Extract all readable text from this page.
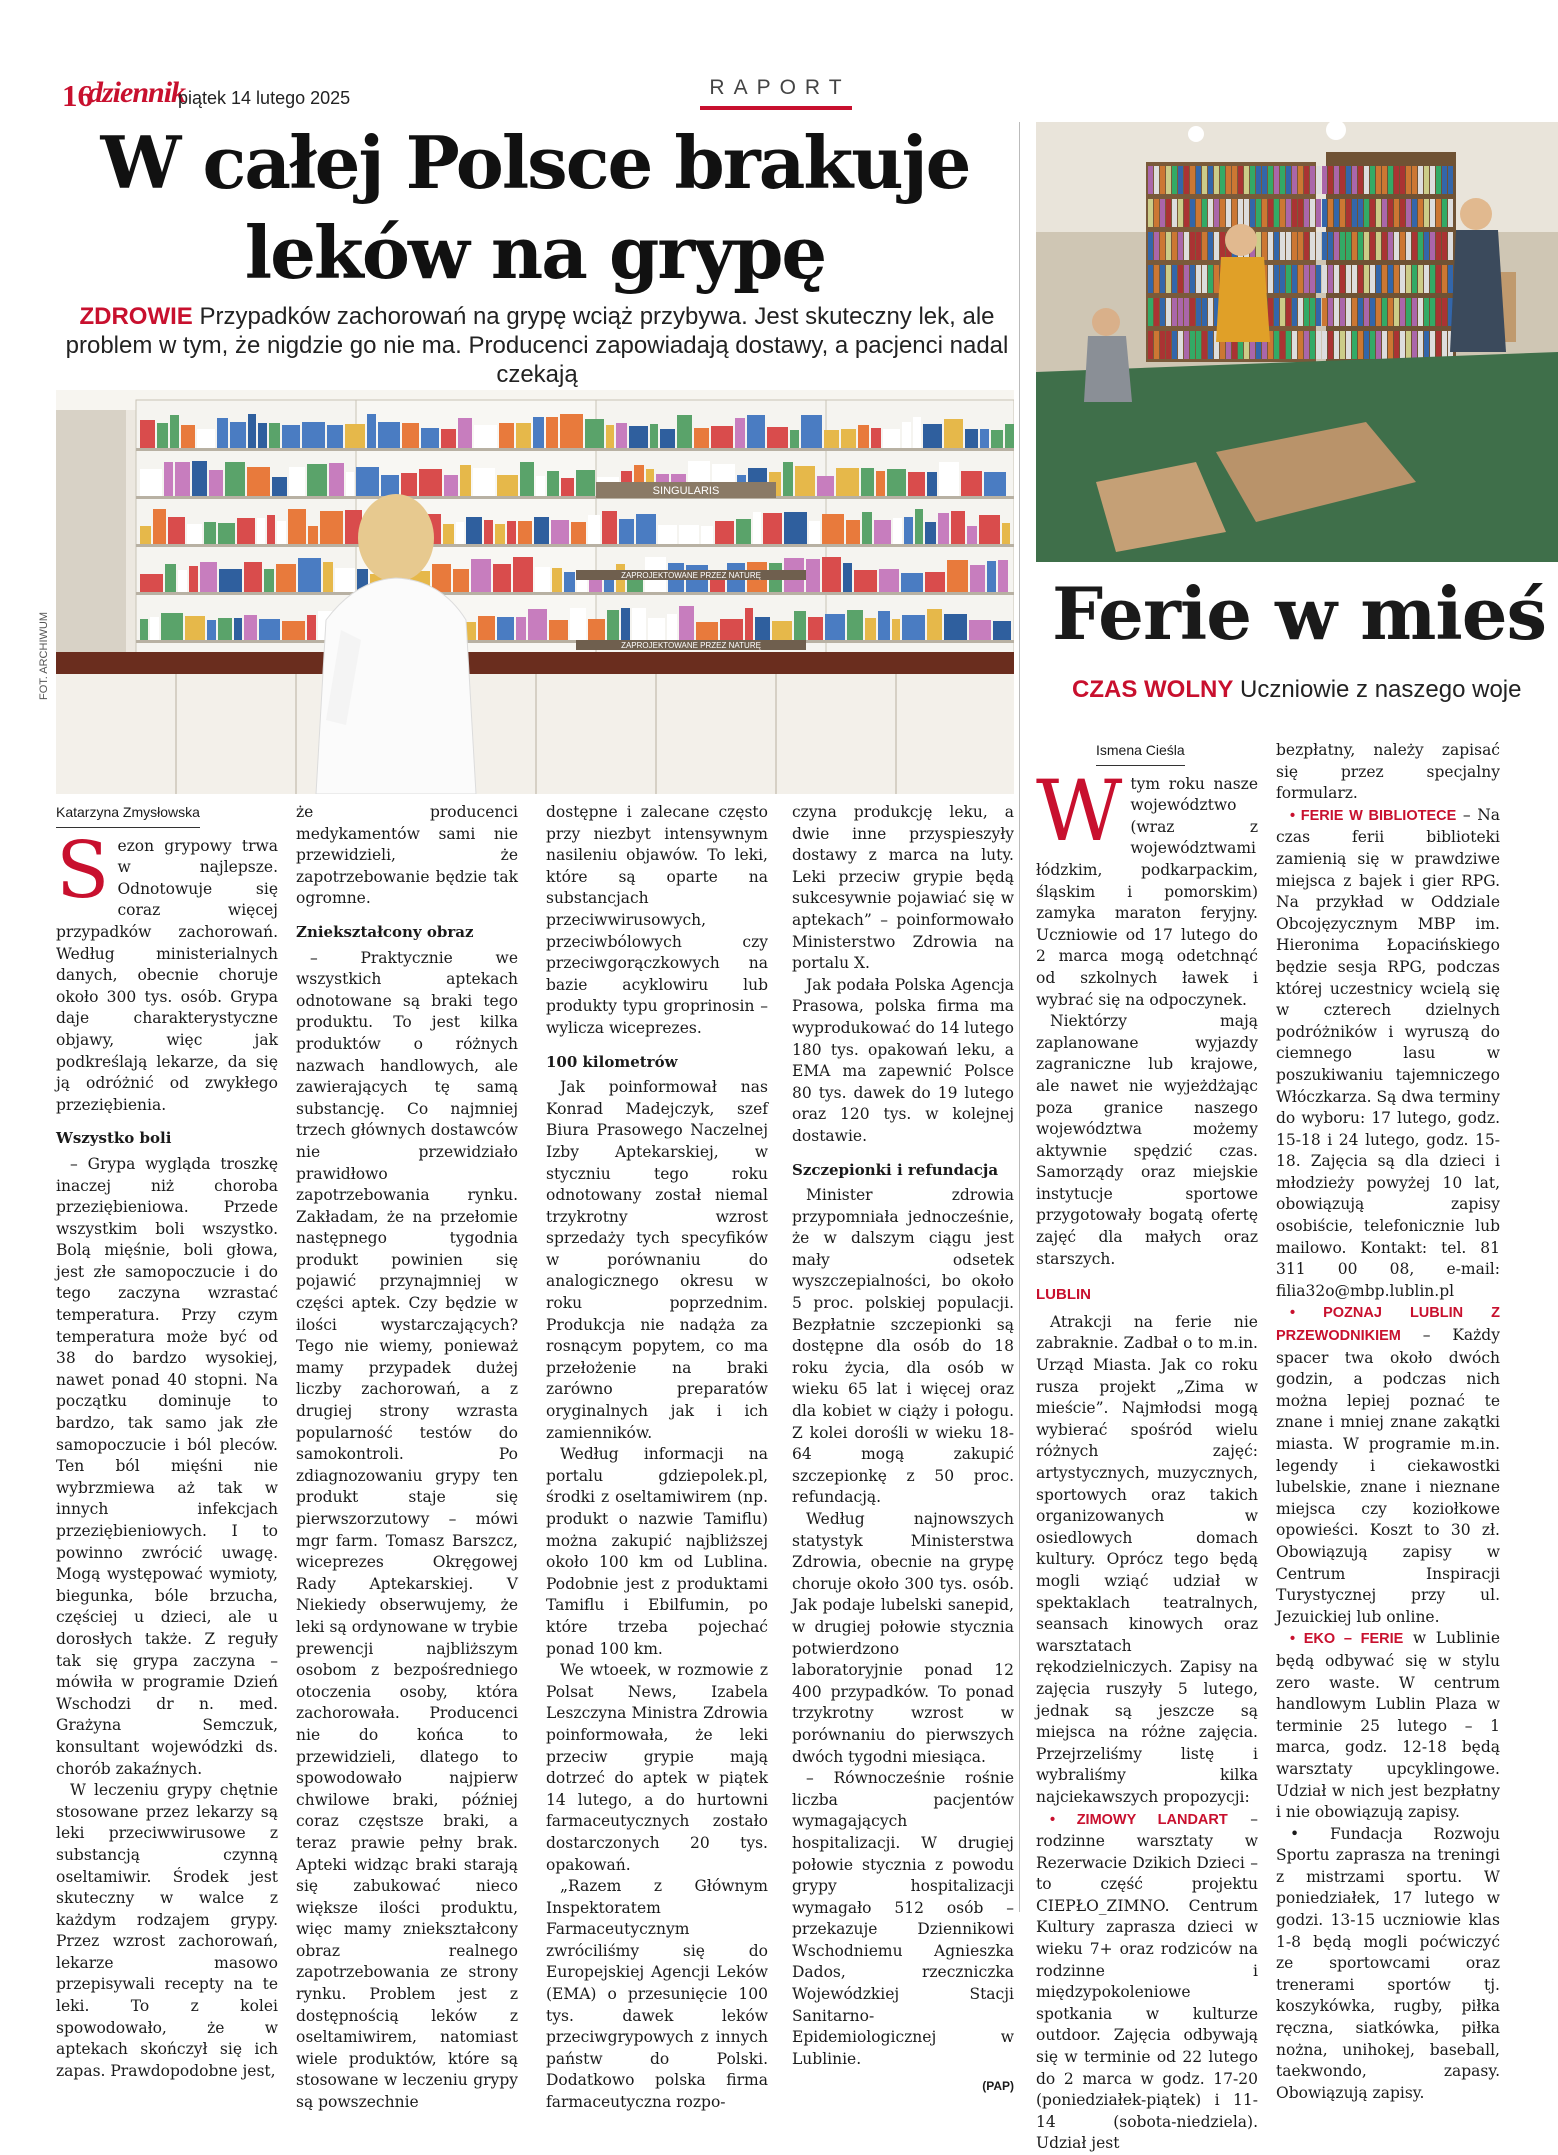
16
dziennik
piątek 14 lutego 2025	RAPORT
W całej Polsce brakuje leków na grypę
ZDROWIE Przypadków zachorowań na grypę wciąż przybywa. Jest skuteczny lek, ale problem w tym, że nigdzie go nie ma. Producenci zapowiadają dostawy, a pacjenci nadal czekają
SINGULARIS
ZAPROJEKTOWANE PRZEZ NATURĘ
ZAPROJEKTOWANE PRZEZ NATURĘ
FOT. ARCHIWUM
Katarzyna Zmysłowska

Sezon grypowy trwa w najlepsze. Odnotowuje się coraz więcej przypadków zachorowań. Według ministerialnych danych, obecnie choruje około 300 tys. osób. Grypa daje charakterystyczne objawy, więc jak podkreślają lekarze, da się ją odróżnić od zwykłego przeziębienia.

Wszystko boli

– Grypa wygląda troszkę inaczej niż choroba przeziębieniowa. Przede wszystkim boli wszystko. Bolą mięśnie, boli głowa, jest złe samopoczucie i do tego zaczyna wzrastać temperatura. Przy czym temperatura może być od 38 do bardzo wysokiej, nawet ponad 40 stopni. Na początku dominuje to bardzo, tak samo jak złe samopoczucie i ból pleców. Ten ból mięśni nie wybrzmiewa aż tak w innych infekcjach przeziębieniowych. I to powinno zwrócić uwagę. Mogą występować wymioty, biegunka, bóle brzucha, częściej u dzieci, ale u dorosłych także. Z reguły tak się grypa zaczyna – mówiła w programie Dzień Wschodzi dr n. med. Grażyna Semczuk, konsultant wojewódzki ds. chorób zakaźnych.

W leczeniu grypy chętnie stosowane przez lekarzy są leki przeciwwirusowe z substancją czynną oseltamiwir. Środek jest skuteczny w walce z każdym rodzajem grypy. Przez wzrost zachorowań, lekarze masowo przepisywali recepty na te leki. To z kolei spowodowało, że w aptekach skończył się ich zapas. Prawdopodobne jest,

że producenci medykamentów sami nie przewidzieli, że zapotrzebowanie będzie tak ogromne.

Zniekształcony obraz

– Praktycznie we wszystkich aptekach odnotowane są braki tego produktu. To jest kilka produktów o różnych nazwach handlowych, ale zawierających tę samą substancję. Co najmniej trzech głównych dostawców nie przewidziało prawidłowo zapotrzebowania rynku. Zakładam, że na przełomie następnego tygodnia produkt powinien się pojawić przynajmniej w części aptek. Czy będzie w ilości wystarczających? Tego nie wiemy, ponieważ mamy przypadek dużej liczby zachorowań, a z drugiej strony wzrasta popularność testów do samokontroli. Po zdiagnozowaniu grypy ten produkt staje się pierwszorzutowy – mówi mgr farm. Tomasz Barszcz, wiceprezes Okręgowej Rady Aptekarskiej. V Niekiedy obserwujemy, że leki są ordynowane w trybie prewencji najbliższym osobom z bezpośredniego otoczenia osoby, która zachorowała. Producenci nie do końca to przewidzieli, dlatego to spowodowało najpierw chwilowe braki, później coraz częstsze braki, a teraz prawie pełny brak. Apteki widząc braki starają się zabukować nieco większe ilości produktu, więc mamy zniekształcony obraz realnego zapotrzebowania ze strony rynku. Problem jest z dostępnością leków z oseltamiwirem, natomiast wiele produktów, które są stosowane w leczeniu grypy są powszechnie

dostępne i zalecane często przy niezbyt intensywnym nasileniu objawów. To leki, które są oparte na substancjach przeciwwirusowych, przeciwbólowych czy przeciwgorączkowych na bazie acyklowiru lub produkty typu groprinosin – wylicza wiceprezes.

100 kilometrów

Jak poinformował nas Konrad Madejczyk, szef Biura Prasowego Naczelnej Izby Aptekarskiej, w styczniu tego roku odnotowany został niemal trzykrotny wzrost sprzedaży tych specyfików w porównaniu do analogicznego okresu w roku poprzednim. Produkcja nie nadąża za rosnącym popytem, co ma przełożenie na braki zarówno preparatów oryginalnych jak i ich zamienników.

Według informacji na portalu gdziepolek.pl, środki z oseltamiwirem (np. produkt o nazwie Tamiflu) można zakupić najbliższej około 100 km od Lublina. Podobnie jest z produktami Tamiflu i Ebilfumin, po które trzeba pojechać ponad 100 km.

We wtoeek, w rozmowie z Polsat News, Izabela Leszczyna Ministra Zdrowia poinformowała, że leki przeciw grypie mają dotrzeć do aptek w piątek 14 lutego, a do hurtowni farmaceutycznych zostało dostarczonych 20 tys. opakowań.

„Razem z Głównym Inspektoratem Farmaceutycznym zwróciliśmy się do Europejskiej Agencji Leków (EMA) o przesunięcie 100 tys. dawek leków przeciwgrypowych z innych państw do Polski. Dodatkowo polska firma farmaceutyczna rozpo-

czyna produkcję leku, a dwie inne przyspieszyły dostawy z marca na luty. Leki przeciw grypie będą sukcesywnie pojawiać się w aptekach” – poinformowało Ministerstwo Zdrowia na portalu X.

Jak podała Polska Agencja Prasowa, polska firma ma wyprodukować do 14 lutego 180 tys. opakowań leku, a EMA ma zapewnić Polsce 80 tys. dawek do 19 lutego oraz 120 tys. w kolejnej dostawie.

Szczepionki i refundacja

Minister zdrowia przypomniała jednocześnie, że w dalszym ciągu jest mały odsetek wyszczepialności, bo około 5 proc. polskiej populacji. Bezpłatnie szczepionki są dostępne dla osób do 18 roku życia, dla osób w wieku 65 lat i więcej oraz dla kobiet w ciąży i połogu. Z kolei dorośli w wieku 18-64 mogą zakupić szczepionkę z 50 proc. refundacją.

Według najnowszych statystyk Ministerstwa Zdrowia, obecnie na grypę choruje około 300 tys. osób. Jak podaje lubelski sanepid, w drugiej połowie stycznia potwierdzono laboratoryjnie ponad 12 400 przypadków. To ponad trzykrotny wzrost w porównaniu do pierwszych dwóch tygodni miesiąca.

– Równocześnie rośnie liczba pacjentów wymagających hospitalizacji. W drugiej połowie stycznia z powodu grypy hospitalizacji wymagało 512 osób – przekazuje Dziennikowi Wschodniemu Agnieszka Dados, rzeczniczka Wojewódzkiej Stacji Sanitarno-Epidemiologicznej w Lublinie.

(PAP)
Ferie w mieś
CZAS WOLNY Uczniowie z naszego woje
Ismena Cieśla

Wtym roku nasze województwo (wraz z województwami łódzkim, podkarpackim, śląskim i pomorskim) zamyka maraton feryjny. Uczniowie od 17 lutego do 2 marca mogą odetchnąć od szkolnych ławek i wybrać się na odpoczynek.

Niektórzy mają zaplanowane wyjazdy zagraniczne lub krajowe, ale nawet nie wyjeżdżając poza granice naszego województwa możemy aktywnie spędzić czas. Samorządy oraz miejskie instytucje sportowe przygotowały bogatą ofertę zajęć dla małych oraz starszych.

LUBLIN

Atrakcji na ferie nie zabraknie. Zadbał o to m.in. Urząd Miasta. Jak co roku rusza projekt „Zima w mieście”. Najmłodsi mogą wybierać spośród wielu różnych zajęć: artystycznych, muzycznych, sportowych oraz takich organizowanych w osiedlowych domach kultury. Oprócz tego będą mogli wziąć udział w spektaklach teatralnych, seansach kinowych oraz warsztatach rękodzielniczych. Zapisy na zajęcia ruszyły 5 lutego, jednak są jeszcze są miejsca na różne zajęcia. Przejrzeliśmy listę i wybraliśmy kilka najciekawszych propozycji:

• ZIMOWY LANDART – rodzinne warsztaty w Rezerwacie Dzikich Dzieci – to część projektu CIEPŁO_ZIMNO. Centrum Kultury zaprasza dzieci w wieku 7+ oraz rodziców na rodzinne i międzypokoleniowe spotkania w kulturze outdoor. Zajęcia odbywają się w terminie od 22 lutego do 2 marca w godz. 17-20 (poniedziałek-piątek) i 11-14 (sobota-niedziela). Udział jest

bezpłatny, należy zapisać się przez specjalny formularz.

• FERIE W BIBLIOTECE – Na czas ferii biblioteki zamienią się w prawdziwe miejsca z bajek i gier RPG. Na przykład w Oddziale Obcojęzycznym MBP im. Hieronima Łopacińskiego będzie sesja RPG, podczas której uczestnicy wcielą się w czterech dzielnych podróżników i wyruszą do ciemnego lasu w poszukiwaniu tajemniczego Włóczkarza. Są dwa terminy do wyboru: 17 lutego, godz. 15-18 i 24 lutego, godz. 15-18. Zajęcia są dla dzieci i młodzieży powyżej 10 lat, obowiązują zapisy osobiście, telefonicznie lub mailowo. Kontakt: tel. 81 311 00 08, e-mail: filia32o@mbp.lublin.pl

• POZNAJ LUBLIN Z PRZEWODNIKIEM – Każdy spacer twa około dwóch godzin, a podczas nich można lepiej poznać te znane i mniej znane zakątki miasta. W programie m.in. legendy i ciekawostki lubelskie, znane i nieznane miejsca czy koziołkowe opowieści. Koszt to 30 zł. Obowiązują zapisy w Centrum Inspiracji Turystycznej przy ul. Jezuickiej lub online.

• EKO – FERIE w Lublinie będą odbywać się w stylu zero waste. W centrum handlowym Lublin Plaza w terminie 25 lutego – 1 marca, godz. 12-18 będą warsztaty upcyklingowe. Udział w nich jest bezpłatny i nie obowiązują zapisy.

• Fundacja Rozwoju Sportu zaprasza na treningi z mistrzami sportu. W poniedziałek, 17 lutego w godzi. 13-15 uczniowie klas 1-8 będą mogli poćwiczyć ze sportowcami oraz trenerami sportów tj. koszykówka, rugby, piłka ręczna, siatkówka, piłka nożna, unihokej, baseball, taekwondo, zapasy. Obowiązują zapisy.
